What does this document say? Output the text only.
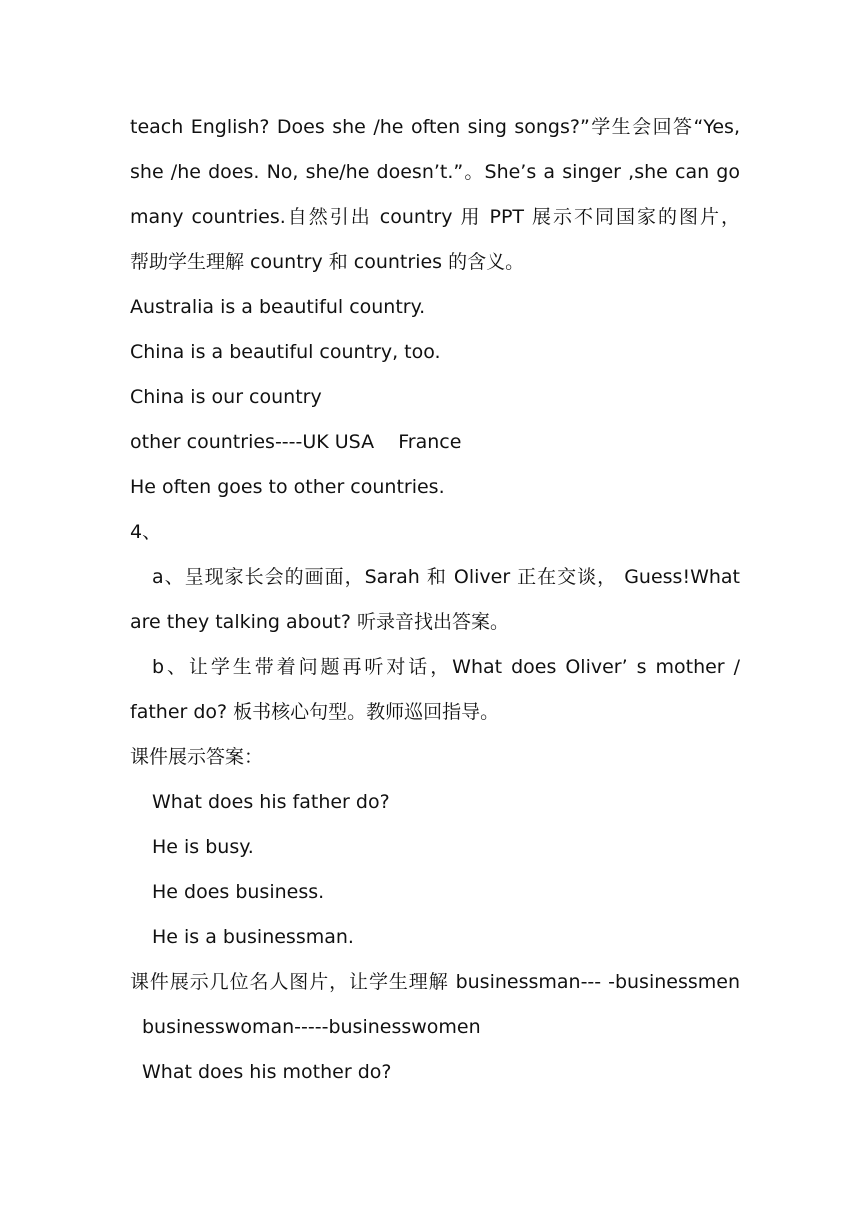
teach English? Does she /he often sing songs?”学生会回答“Yes,
she /he does. No, she/he doesn’t.”。She’s a singer ,she can go
many countries.自然引出 country 用 PPT 展示不同国家的图片，
帮助学生理解 country 和 countries 的含义。
Australia is a beautiful country.
China is a beautiful country, too.
China is our country
other countries----UK USA    France
He often goes to other countries.
4、
a、呈现家长会的画面，Sarah 和 Oliver 正在交谈， Guess!What
are they talking about? 听录音找出答案。
b、让学生带着问题再听对话，What does Oliver’ s mother /
father do? 板书核心句型。教师巡回指导。
课件展示答案：
What does his father do?
He is busy.
He does business.
He is a businessman.
课件展示几位名人图片，让学生理解 businessman--- -businessmen
businesswoman-----businesswomen
What does his mother do?
